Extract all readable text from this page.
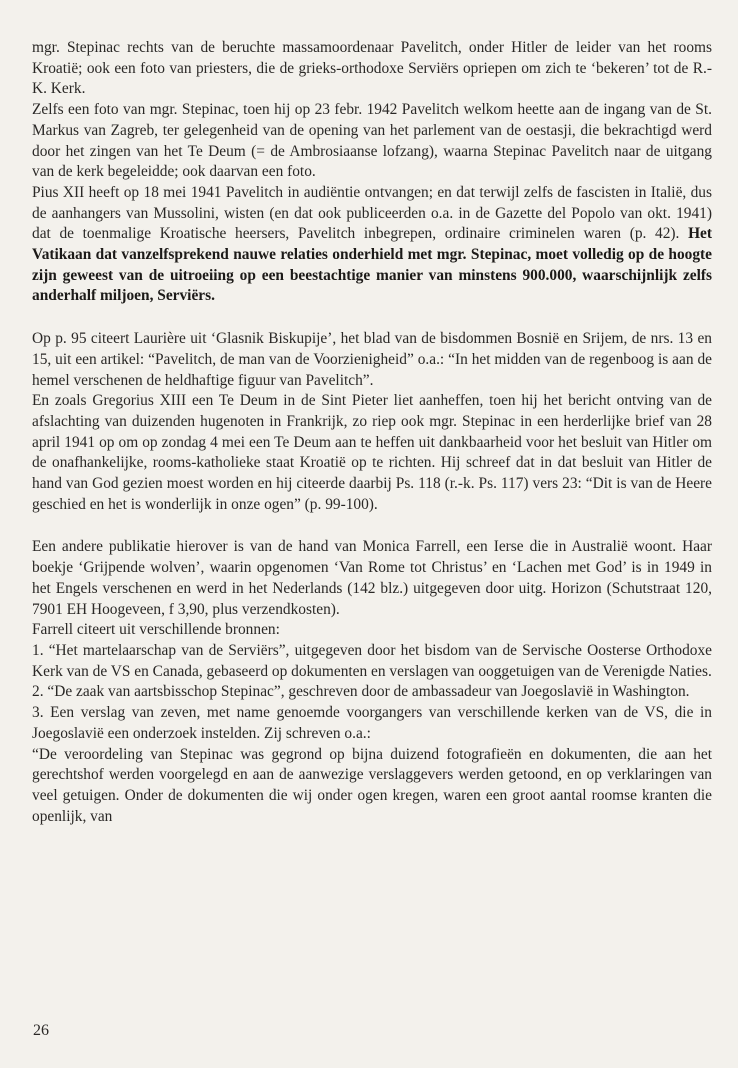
mgr. Stepinac rechts van de beruchte massamoordenaar Pavelitch, onder Hitler de leider van het rooms Kroatië; ook een foto van priesters, die de grieks-orthodoxe Serviërs opriepen om zich te ‘bekeren’ tot de R.-K. Kerk.

Zelfs een foto van mgr. Stepinac, toen hij op 23 febr. 1942 Pavelitch welkom heette aan de ingang van de St. Markus van Zagreb, ter gelegenheid van de opening van het parlement van de oestasji, die bekrachtigd werd door het zingen van het Te Deum (= de Ambrosiaanse lofzang), waarna Stepinac Pavelitch naar de uitgang van de kerk begeleidde; ook daarvan een foto.

Pius XII heeft op 18 mei 1941 Pavelitch in audiëntie ontvangen; en dat terwijl zelfs de fascisten in Italië, dus de aanhangers van Mussolini, wisten (en dat ook publiceerden o.a. in de Gazette del Popolo van okt. 1941) dat de toenmalige Kroatische heersers, Pavelitch inbegrepen, ordinaire criminelen waren (p. 42). Het Vatikaan dat vanzelfsprekend nauwe relaties onderhield met mgr. Stepinac, moet volledig op de hoogte zijn geweest van de uitroeiing op een beestachtige manier van minstens 900.000, waarschijnlijk zelfs anderhalf miljoen, Serviërs.

Op p. 95 citeert Laurière uit ‘Glasnik Biskupije’, het blad van de bisdommen Bosnië en Srijem, de nrs. 13 en 15, uit een artikel: “Pavelitch, de man van de Voorzienigheid” o.a.: “In het midden van de regenboog is aan de hemel verschenen de heldhaftige figuur van Pavelitch”.

En zoals Gregorius XIII een Te Deum in de Sint Pieter liet aanheffen, toen hij het bericht ontving van de afslachting van duizenden hugenoten in Frankrijk, zo riep ook mgr. Stepinac in een herderlijke brief van 28 april 1941 op om op zondag 4 mei een Te Deum aan te heffen uit dankbaarheid voor het besluit van Hitler om de onafhankelijke, rooms-katholieke staat Kroatië op te richten. Hij schreef dat in dat besluit van Hitler de hand van God gezien moest worden en hij citeerde daarbij Ps. 118 (r.-k. Ps. 117) vers 23: “Dit is van de Heere geschied en het is wonderlijk in onze ogen” (p. 99-100).

Een andere publikatie hierover is van de hand van Monica Farrell, een Ierse die in Australië woont. Haar boekje ‘Grijpende wolven’, waarin opgenomen ‘Van Rome tot Christus’ en ‘Lachen met God’ is in 1949 in het Engels verschenen en werd in het Nederlands (142 blz.) uitgegeven door uitg. Horizon (Schutstraat 120, 7901 EH Hoogeveen, f 3,90, plus verzendkosten).

Farrell citeert uit verschillende bronnen:

1. “Het martelaarschap van de Serviërs”, uitgegeven door het bisdom van de Servische Oosterse Orthodoxe Kerk van de VS en Canada, gebaseerd op dokumenten en verslagen van ooggetuigen van de Verenigde Naties.

2. “De zaak van aartsbisschop Stepinac”, geschreven door de ambassadeur van Joegoslavië in Washington.

3. Een verslag van zeven, met name genoemde voorgangers van verschillende kerken van de VS, die in Joegoslavië een onderzoek instelden. Zij schreven o.a.:

“De veroordeling van Stepinac was gegrond op bijna duizend fotografieën en dokumenten, die aan het gerechtshof werden voorgelegd en aan de aanwezige verslaggevers werden getoond, en op verklaringen van veel getuigen. Onder de dokumenten die wij onder ogen kregen, waren een groot aantal roomse kranten die openlijk, van

26
